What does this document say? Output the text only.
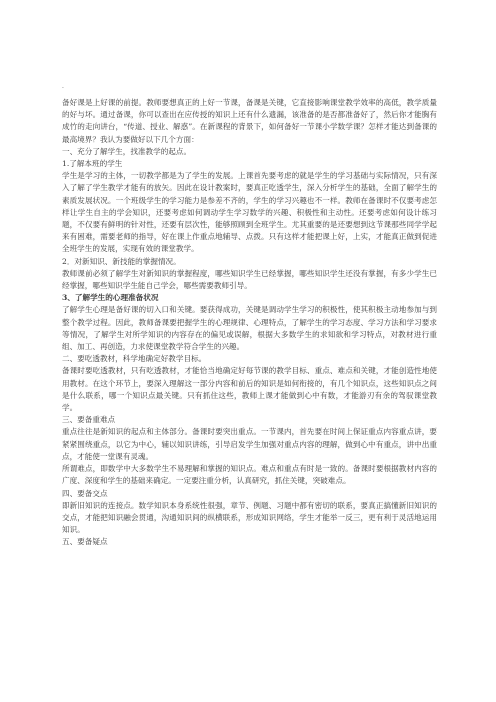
.

备好课是上好课的前提。教师要想真正的上好一节课，备课是关键，它直接影响课堂教学效率的高低，教学质量的好与坏。通过备课，你可以查出在应传授的知识上还有什么遗漏，该准备的是否都准备好了，然后你才能胸有成竹的走向讲台，“传道、授业、解惑”。在新课程的背景下，如何备好一节课小学数学课？怎样才能达到备课的最高境界？我认为要做好以下几个方面：

一、充分了解学生，找准教学的起点。

1.了解本班的学生

学生是学习的主体，一切教学都是为了学生的发展。上课首先要考虑的就是学生的学习基础与实际情况，只有深入了解了学生教学才能有的放矢。因此在设计教案时，要真正吃透学生，深入分析学生的基础，全面了解学生的素质发展状况。一个班级学生的学习能力是参差不齐的，学生的学习兴趣也不一样。教师在备课时不仅要考虑怎样让学生自主的学会知识，还要考虑如何调动学生学习数学的兴趣、积极性和主动性。还要考虑如何设计练习题，不仅要有鲜明的针对性，还要有层次性，能够照顾到全班学生。尤其重要的是还要想到这节课那些同学学起来有困难，需要老师的指导，好在课上作重点地辅导、点拨。只有这样才能把课上好，上实，才能真正做到促进全班学生的发展，实现有效的课堂教学。

2．对新知识、新技能的掌握情况。

教师课前必须了解学生对新知识的掌握程度，哪些知识学生已经掌握，哪些知识学生还没有掌握，有多少学生已经掌握，哪些知识学生能自己学会，哪些需要教师引导。

3、了解学生的心理准备状况

了解学生心理是备好课的切入口和关键。要获得成功，关键是调动学生学习的积极性，使其积极主动地参加与到整个教学过程。因此，教师备课要把握学生的心理规律、心理特点，了解学生的学习态度、学习方法和学习要求等情况，了解学生对所学知识的内容存在的偏见或误解，根据大多数学生的求知欲和学习特点，对教材进行重组、加工、再创造，力求使课堂教学符合学生的兴趣。

二、要吃透教材，科学地确定好教学目标。

备课时要吃透教材，只有吃透教材，才能恰当地确定好每节课的教学目标、重点、难点和关键，才能创造性地使用教材。在这个环节上，要深入理解这一部分内容和前后的知识是如何衔接的，有几个知识点，这些知识点之间是什么联系，哪一个知识点最关键。只有抓住这些，教师上课才能做到心中有数，才能游刃有余的驾驭课堂教学。

三、要备重难点

重点往往是新知识的起点和主体部分。备课时要突出重点。一节课内，首先要在时间上保证重点内容重点讲，要紧紧围绕重点，以它为中心，辅以知识讲练，引导启发学生加强对重点内容的理解，做到心中有重点，讲中出重点，才能使一堂课有灵魂。

所谓难点，即数学中大多数学生不易理解和掌握的知识点。难点和重点有时是一致的。备课时要根据教材内容的广度、深度和学生的基础来确定。一定要注重分析，认真研究，抓住关键，突破难点。

四、要备交点

即新旧知识的连接点。数学知识本身系统性很强，章节、例题、习题中都有密切的联系，要真正搞懂新旧知识的交点，才能把知识融会贯通，沟通知识间的纵横联系，形成知识网络，学生才能举一反三，更有利于灵活地运用知识。

五、要备疑点
